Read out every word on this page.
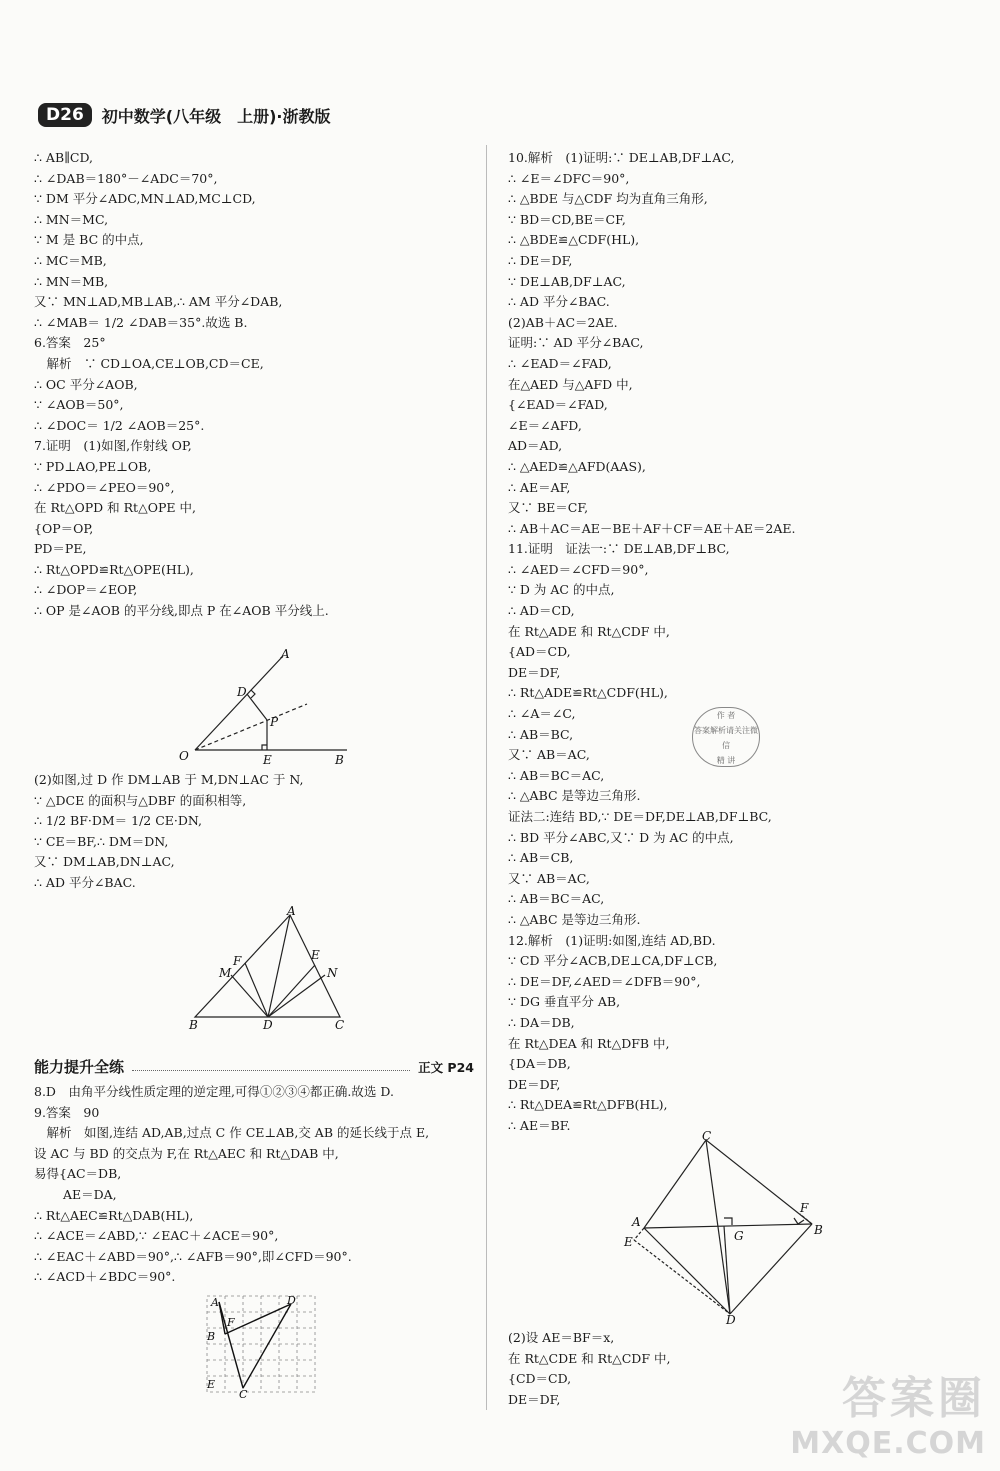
D26	初中数学(八年级　上册)·浙教版
∴ AB∥CD,
∴ ∠DAB＝180°－∠ADC＝70°,
∵ DM 平分∠ADC,MN⊥AD,MC⊥CD,
∴ MN＝MC,
∵ M 是 BC 的中点,
∴ MC＝MB,
∴ MN＝MB,
又∵ MN⊥AD,MB⊥AB,∴ AM 平分∠DAB,
∴ ∠MAB＝ 1/2 ∠DAB＝35°.故选 B.
6.答案　25°
　解析　∵ CD⊥OA,CE⊥OB,CD＝CE,
∴ OC 平分∠AOB,
∵ ∠AOB＝50°,
∴ ∠DOC＝ 1/2 ∠AOB＝25°.
7.证明　(1)如图,作射线 OP,
∵ PD⊥AO,PE⊥OB,
∴ ∠PDO＝∠PEO＝90°,
在 Rt△OPD 和 Rt△OPE 中,
{OP＝OP,
PD＝PE,
∴ Rt△OPD≌Rt△OPE(HL),
∴ ∠DOP＝∠EOP,
∴ OP 是∠AOB 的平分线,即点 P 在∠AOB 平分线上.
(2)如图,过 D 作 DM⊥AB 于 M,DN⊥AC 于 N,
∵ △DCE 的面积与△DBF 的面积相等,
∴ 1/2 BF·DM＝ 1/2 CE·DN,
∵ CE＝BF,∴ DM＝DN,
又∵ DM⊥AB,DN⊥AC,
∴ AD 平分∠BAC.
8.D　由角平分线性质定理的逆定理,可得①②③④都正确.故选 D.
9.答案　90
　解析　如图,连结 AD,AB,过点 C 作 CE⊥AB,交 AB 的延长线于点 E,
设 AC 与 BD 的交点为 F,在 Rt△AEC 和 Rt△DAB 中,
易得{AC＝DB,
　　 AE＝DA,
∴ Rt△AEC≌Rt△DAB(HL),
∴ ∠ACE＝∠ABD,∵ ∠EAC＋∠ACE＝90°,
∴ ∠EAC＋∠ABD＝90°,∴ ∠AFB＝90°,即∠CFD＝90°.
∴ ∠ACD＋∠BDC＝90°.
能力提升全练	正文 P24
10.解析　(1)证明:∵ DE⊥AB,DF⊥AC,
∴ ∠E＝∠DFC＝90°,
∴ △BDE 与△CDF 均为直角三角形,
∵ BD＝CD,BE＝CF,
∴ △BDE≌△CDF(HL),
∴ DE＝DF,
∵ DE⊥AB,DF⊥AC,
∴ AD 平分∠BAC.
(2)AB＋AC＝2AE.
证明:∵ AD 平分∠BAC,
∴ ∠EAD＝∠FAD,
在△AED 与△AFD 中,
{∠EAD＝∠FAD,
∠E＝∠AFD,
AD＝AD,
∴ △AED≌△AFD(AAS),
∴ AE＝AF,
又∵ BE＝CF,
∴ AB＋AC＝AE－BE＋AF＋CF＝AE＋AE＝2AE.
11.证明　证法一:∵ DE⊥AB,DF⊥BC,
∴ ∠AED＝∠CFD＝90°,
∵ D 为 AC 的中点,
∴ AD＝CD,
在 Rt△ADE 和 Rt△CDF 中,
{AD＝CD,
DE＝DF,
∴ Rt△ADE≌Rt△CDF(HL),
∴ ∠A＝∠C,
∴ AB＝BC,
又∵ AB＝AC,
∴ AB＝BC＝AC,
∴ △ABC 是等边三角形.
证法二:连结 BD,∵ DE＝DF,DE⊥AB,DF⊥BC,
∴ BD 平分∠ABC,又∵ D 为 AC 的中点,
∴ AB＝CB,
又∵ AB＝AC,
∴ AB＝BC＝AC,
∴ △ABC 是等边三角形.
12.解析　(1)证明:如图,连结 AD,BD.
∵ CD 平分∠ACB,DE⊥CA,DF⊥CB,
∴ DE＝DF,∠AED＝∠DFB＝90°,
∵ DG 垂直平分 AB,
∴ DA＝DB,
在 Rt△DEA 和 Rt△DFB 中,
{DA＝DB,
DE＝DF,
∴ Rt△DEA≌Rt△DFB(HL),
∴ AE＝BF.
(2)设 AE＝BF＝x,
在 Rt△CDE 和 Rt△CDF 中,
{CD＝CD,
DE＝DF,
A
D
P
O	E	B
A
M
F	E
N
B	D	C
A	D
F
B
E
C
C
A
B
F
E	G
D
作 者
答案解析请关注微信
精 讲
答案圈
MXQE.COM
